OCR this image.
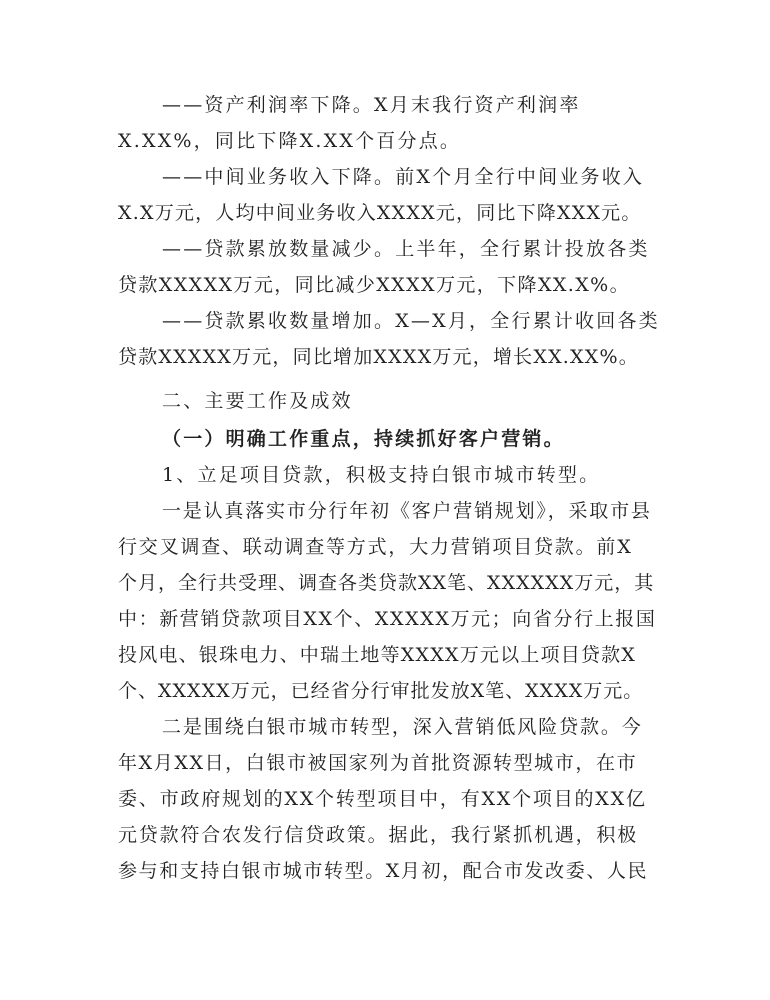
——资产利润率下降。X月末我行资产利润率
X.XX%，同比下降X.XX个百分点。
——中间业务收入下降。前X个月全行中间业务收入
X.X万元，人均中间业务收入XXXX元，同比下降XXX元。
——贷款累放数量减少。上半年，全行累计投放各类
贷款XXXXX万元，同比减少XXXX万元，下降XX.X%。
——贷款累收数量增加。X—X月，全行累计收回各类
贷款XXXXX万元，同比增加XXXX万元，增长XX.XX%。
二、主要工作及成效
（一）明确工作重点，持续抓好客户营销。
1、立足项目贷款，积极支持白银市城市转型。
一是认真落实市分行年初《客户营销规划》，采取市县
行交叉调查、联动调查等方式，大力营销项目贷款。前X
个月，全行共受理、调查各类贷款XX笔、XXXXXX万元，其
中：新营销贷款项目XX个、XXXXX万元；向省分行上报国
投风电、银珠电力、中瑞土地等XXXX万元以上项目贷款X
个、XXXXX万元，已经省分行审批发放X笔、XXXX万元。
二是围绕白银市城市转型，深入营销低风险贷款。今
年X月XX日，白银市被国家列为首批资源转型城市，在市
委、市政府规划的XX个转型项目中，有XX个项目的XX亿
元贷款符合农发行信贷政策。据此，我行紧抓机遇，积极
参与和支持白银市城市转型。X月初，配合市发改委、人民
